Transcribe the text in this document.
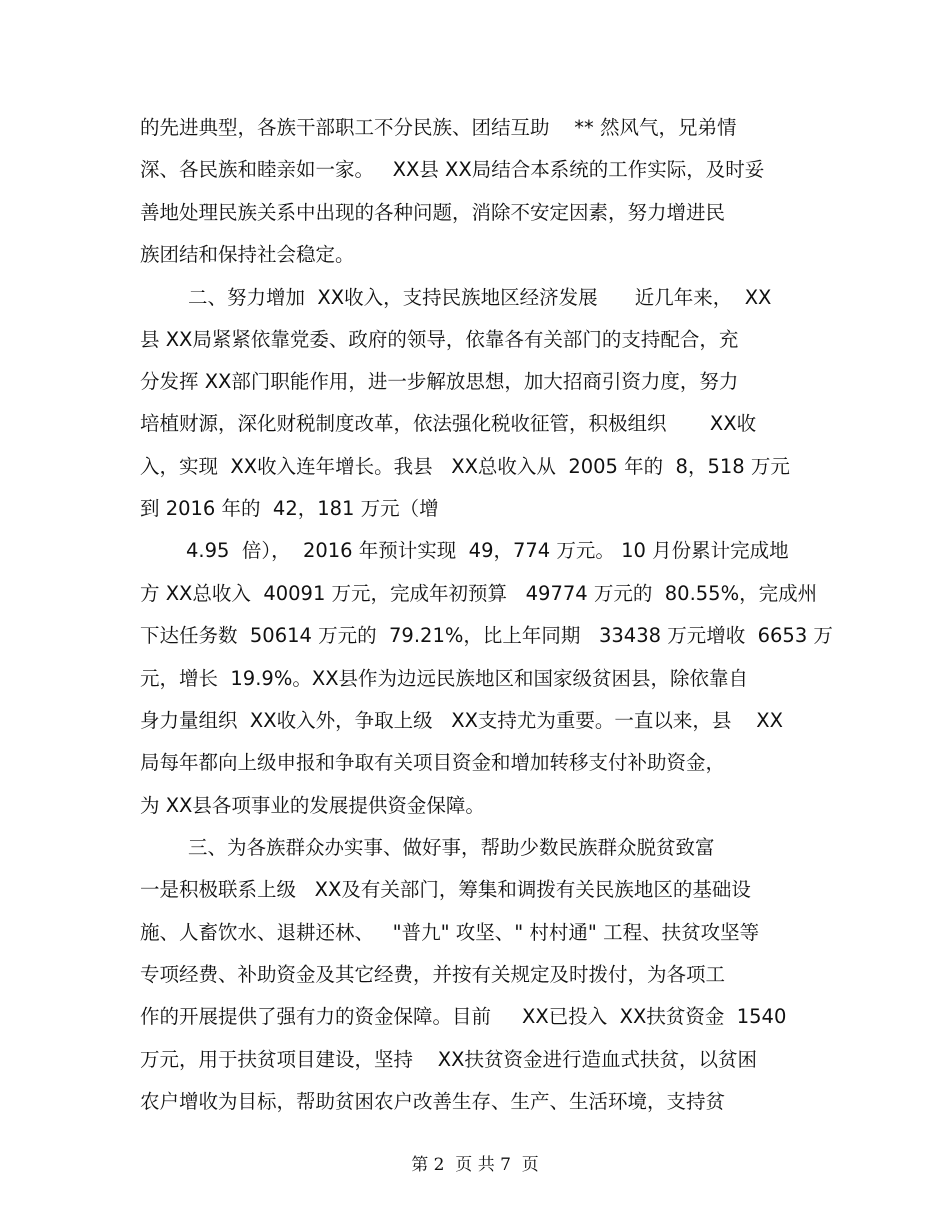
的先进典型，各族干部职工不分民族、团结互助    ** 然风气，兄弟情
深、各民族和睦亲如一家。   XX县 XX局结合本系统的工作实际，及时妥
善地处理民族关系中出现的各种问题，消除不安定因素，努力增进民
族团结和保持社会稳定。
二、努力增加  XX收入，支持民族地区经济发展      近几年来，  XX
县 XX局紧紧依靠党委、政府的领导，依靠各有关部门的支持配合，充
分发挥 XX部门职能作用，进一步解放思想，加大招商引资力度，努力
培植财源，深化财税制度改革，依法强化税收征管，积极组织       XX收
入，实现  XX收入连年增长。我县   XX总收入从  2005 年的  8，518 万元
到 2016 年的  42，181 万元（增
4.95  倍），  2016 年预计实现  49，774 万元。 10 月份累计完成地
方 XX总收入  40091 万元，完成年初预算   49774 万元的  80.55%，完成州
下达任务数  50614 万元的  79.21%，比上年同期   33438 万元增收  6653 万
元，增长  19.9%。XX县作为边远民族地区和国家级贫困县，除依靠自
身力量组织  XX收入外，争取上级   XX支持尤为重要。一直以来，县    XX
局每年都向上级申报和争取有关项目资金和增加转移支付补助资金，
为 XX县各项事业的发展提供资金保障。
三、为各族群众办实事、做好事，帮助少数民族群众脱贫致富
一是积极联系上级   XX及有关部门，筹集和调拨有关民族地区的基础设
施、人畜饮水、退耕还林、   "普九" 攻坚、" 村村通" 工程、扶贫攻坚等
专项经费、补助资金及其它经费，并按有关规定及时拨付，为各项工
作的开展提供了强有力的资金保障。目前     XX已投入  XX扶贫资金  1540
万元，用于扶贫项目建设，坚持    XX扶贫资金进行造血式扶贫，以贫困
农户增收为目标，帮助贫困农户改善生存、生产、生活环境，支持贫
第 2  页 共 7  页
